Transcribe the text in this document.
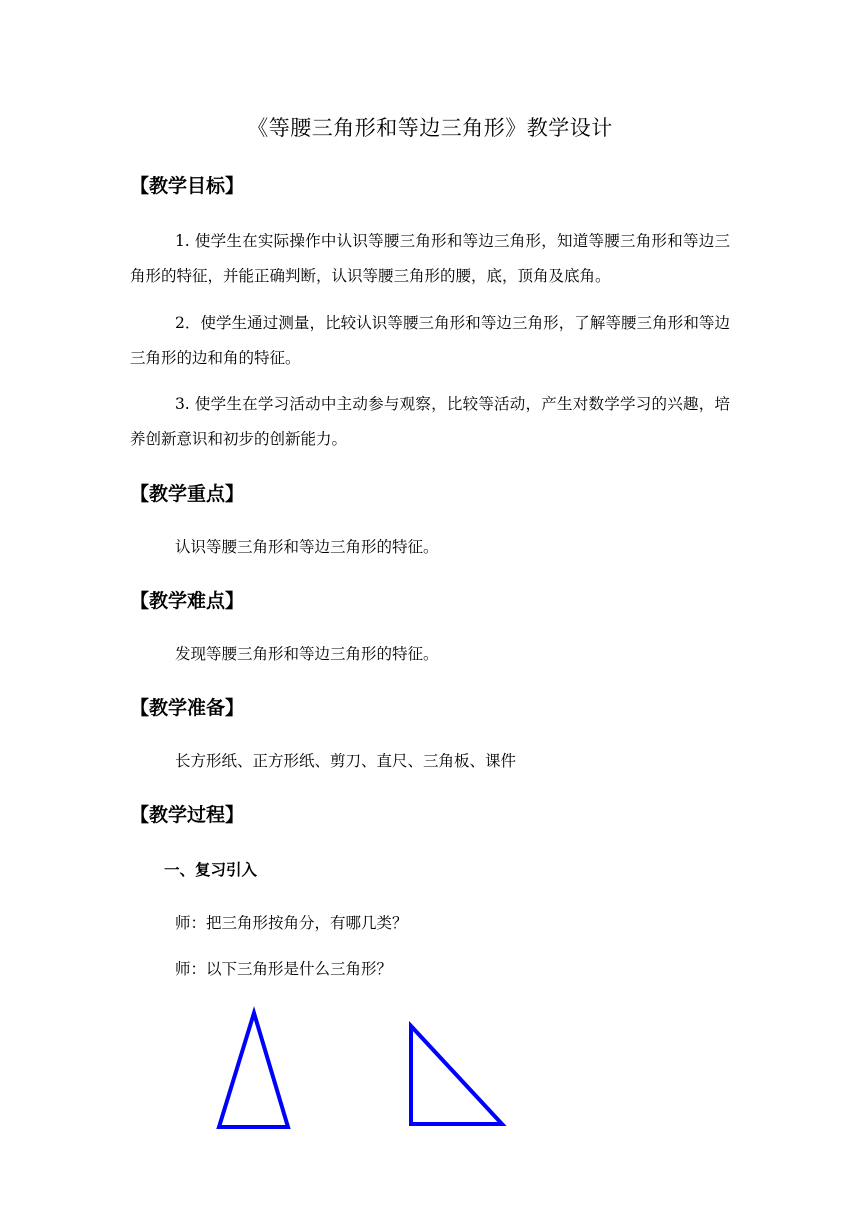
《等腰三角形和等边三角形》教学设计
【教学目标】
1. 使学生在实际操作中认识等腰三角形和等边三角形，知道等腰三角形和等边三角形的特征，并能正确判断，认识等腰三角形的腰，底，顶角及底角。
2．使学生通过测量，比较认识等腰三角形和等边三角形，了解等腰三角形和等边三角形的边和角的特征。
3. 使学生在学习活动中主动参与观察，比较等活动，产生对数学学习的兴趣，培养创新意识和初步的创新能力。
【教学重点】
认识等腰三角形和等边三角形的特征。
【教学难点】
发现等腰三角形和等边三角形的特征。
【教学准备】
长方形纸、正方形纸、剪刀、直尺、三角板、课件
【教学过程】
一、复习引入
师：把三角形按角分，有哪几类？
师：以下三角形是什么三角形？
